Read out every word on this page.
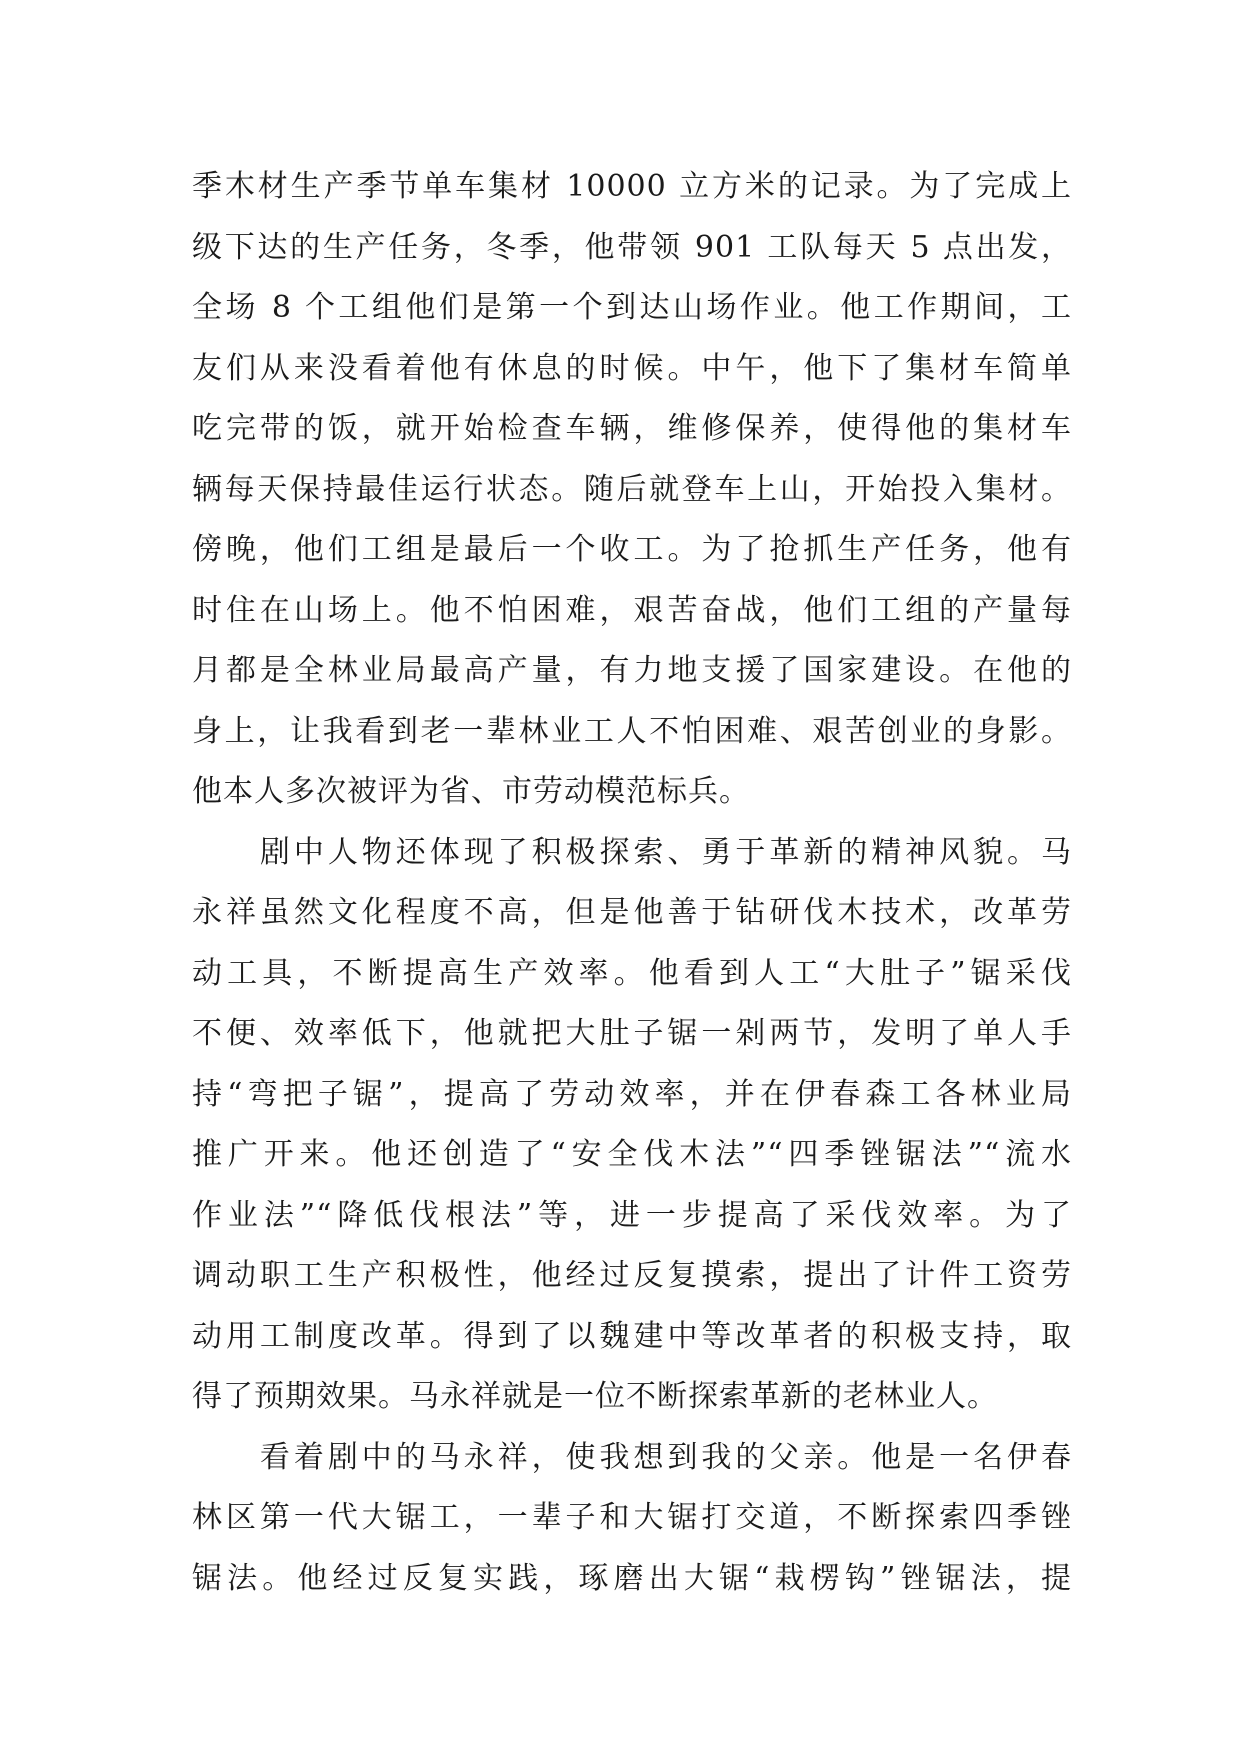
季木材生产季节单车集材 10000 立方米的记录。为了完成上
级下达的生产任务，冬季，他带领 901 工队每天 5 点出发，
全场 8 个工组他们是第一个到达山场作业。他工作期间，工
友们从来没看着他有休息的时候。中午，他下了集材车简单
吃完带的饭，就开始检查车辆，维修保养，使得他的集材车
辆每天保持最佳运行状态。随后就登车上山，开始投入集材。
傍晚，他们工组是最后一个收工。为了抢抓生产任务，他有
时住在山场上。他不怕困难，艰苦奋战，他们工组的产量每
月都是全林业局最高产量，有力地支援了国家建设。在他的
身上，让我看到老一辈林业工人不怕困难、艰苦创业的身影。
他本人多次被评为省、市劳动模范标兵。
　　剧中人物还体现了积极探索、勇于革新的精神风貌。马
永祥虽然文化程度不高，但是他善于钻研伐木技术，改革劳
动工具，不断提高生产效率。他看到人工“大肚子”锯采伐
不便、效率低下，他就把大肚子锯一剁两节，发明了单人手
持“弯把子锯”，提高了劳动效率，并在伊春森工各林业局
推广开来。他还创造了“安全伐木法”“四季锉锯法”“流水
作业法”“降低伐根法”等，进一步提高了采伐效率。为了
调动职工生产积极性，他经过反复摸索，提出了计件工资劳
动用工制度改革。得到了以魏建中等改革者的积极支持，取
得了预期效果。马永祥就是一位不断探索革新的老林业人。
　　看着剧中的马永祥，使我想到我的父亲。他是一名伊春
林区第一代大锯工，一辈子和大锯打交道，不断探索四季锉
锯法。他经过反复实践，琢磨出大锯“栽楞钩”锉锯法，提
